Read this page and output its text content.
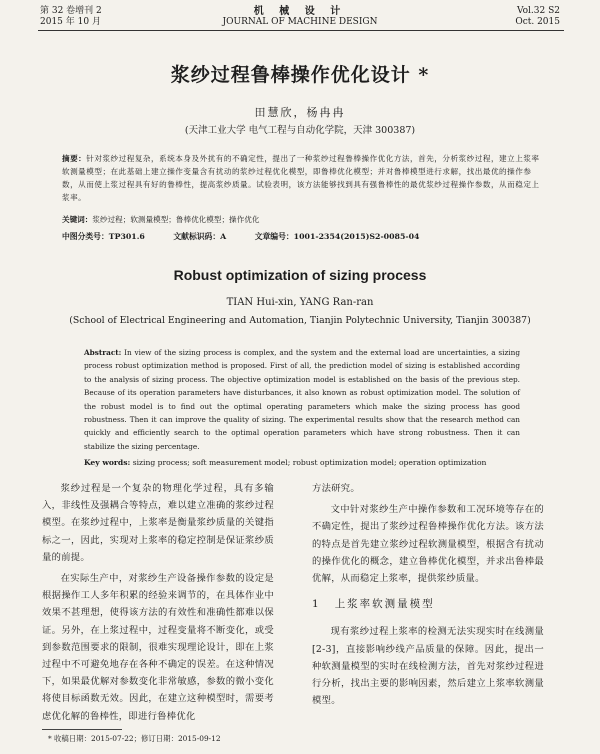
第 32 卷增刊 2
2015 年 10 月
机 械 设 计
JOURNAL OF MACHINE DESIGN
Vol.32 S2
Oct. 2015
浆纱过程鲁棒操作优化设计 *
田慧欣，杨冉冉
(天津工业大学 电气工程与自动化学院，天津 300387)
摘要：针对浆纱过程复杂，系统本身及外扰有的不确定性，提出了一种浆纱过程鲁棒操作优化方法，首先，分析浆纱过程，建立上浆率软测量模型；在此基础上建立操作变量含有扰动的浆纱过程优化模型，即鲁棒优化模型；并对鲁棒模型进行求解，找出最优的操作参数，从而使上浆过程具有好的鲁棒性，提高浆纱质量。试验表明，该方法能够找到具有强鲁棒性的最优浆纱过程操作参数，从而稳定上浆率。
关键词：浆纱过程；软测量模型；鲁棒优化模型；操作优化
中图分类号：TP301.6	文献标识码：A	文章编号：1001-2354(2015)S2-0085-04
Robust optimization of sizing process
TIAN Hui-xin, YANG Ran-ran
(School of Electrical Engineering and Automation, Tianjin Polytechnic University, Tianjin 300387)
Abstract: In view of the sizing process is complex, and the system and the external load are uncertainties, a sizing process robust optimization method is proposed. First of all, the prediction model of sizing is established according to the analysis of sizing process. The objective optimization model is established on the basis of the previous step. Because of its operation parameters have disturbances, it also known as robust optimization model. The solution of the robust model is to find out the optimal operating parameters which make the sizing process has good robustness. Then it can improve the quality of sizing. The experimental results show that the research method can quickly and efficiently search to the optimal operation parameters which have strong robustness. Then it can stabilize the sizing percentage.
Key words: sizing process; soft measurement model; robust optimization model; operation optimization

浆纱过程是一个复杂的物理化学过程，具有多输入，非线性及强耦合等特点，难以建立准确的浆纱过程模型。在浆纱过程中，上浆率是衡量浆纱质量的关键指标之一，因此，实现对上浆率的稳定控制是保证浆纱质量的前提。

在实际生产中，对浆纱生产设备操作参数的设定是根据操作工人多年积累的经验来调节的，在具体作业中效果不甚理想，使得该方法的有效性和准确性都难以保证。另外，在上浆过程中，过程变量将不断变化，或受到参数范围要求的限制，很难实现理论设计，即在上浆过程中不可避免地存在各种不确定的误差。在这种情况下，如果最优解对参数变化非常敏感，参数的微小变化将使目标函数无效。因此，在建立这种模型时，需要考虑优化解的鲁棒性，即进行鲁棒优化

方法研究。

文中针对浆纱生产中操作参数和工况环境等存在的不确定性，提出了浆纱过程鲁棒操作优化方法。该方法的特点是首先建立浆纱过程软测量模型，根据含有扰动的操作优化的概念，建立鲁棒优化模型，并求出鲁棒最优解，从而稳定上浆率，提供浆纱质量。

1 上浆率软测量模型

现有浆纱过程上浆率的检测无法实现实时在线测量[2-3]，直接影响纱线产品质量的保障。因此，提出一种软测量模型的实时在线检测方法，首先对浆纱过程进行分析，找出主要的影响因素，然后建立上浆率软测量模型。

* 收稿日期：2015-07-22；修订日期：2015-09-12
